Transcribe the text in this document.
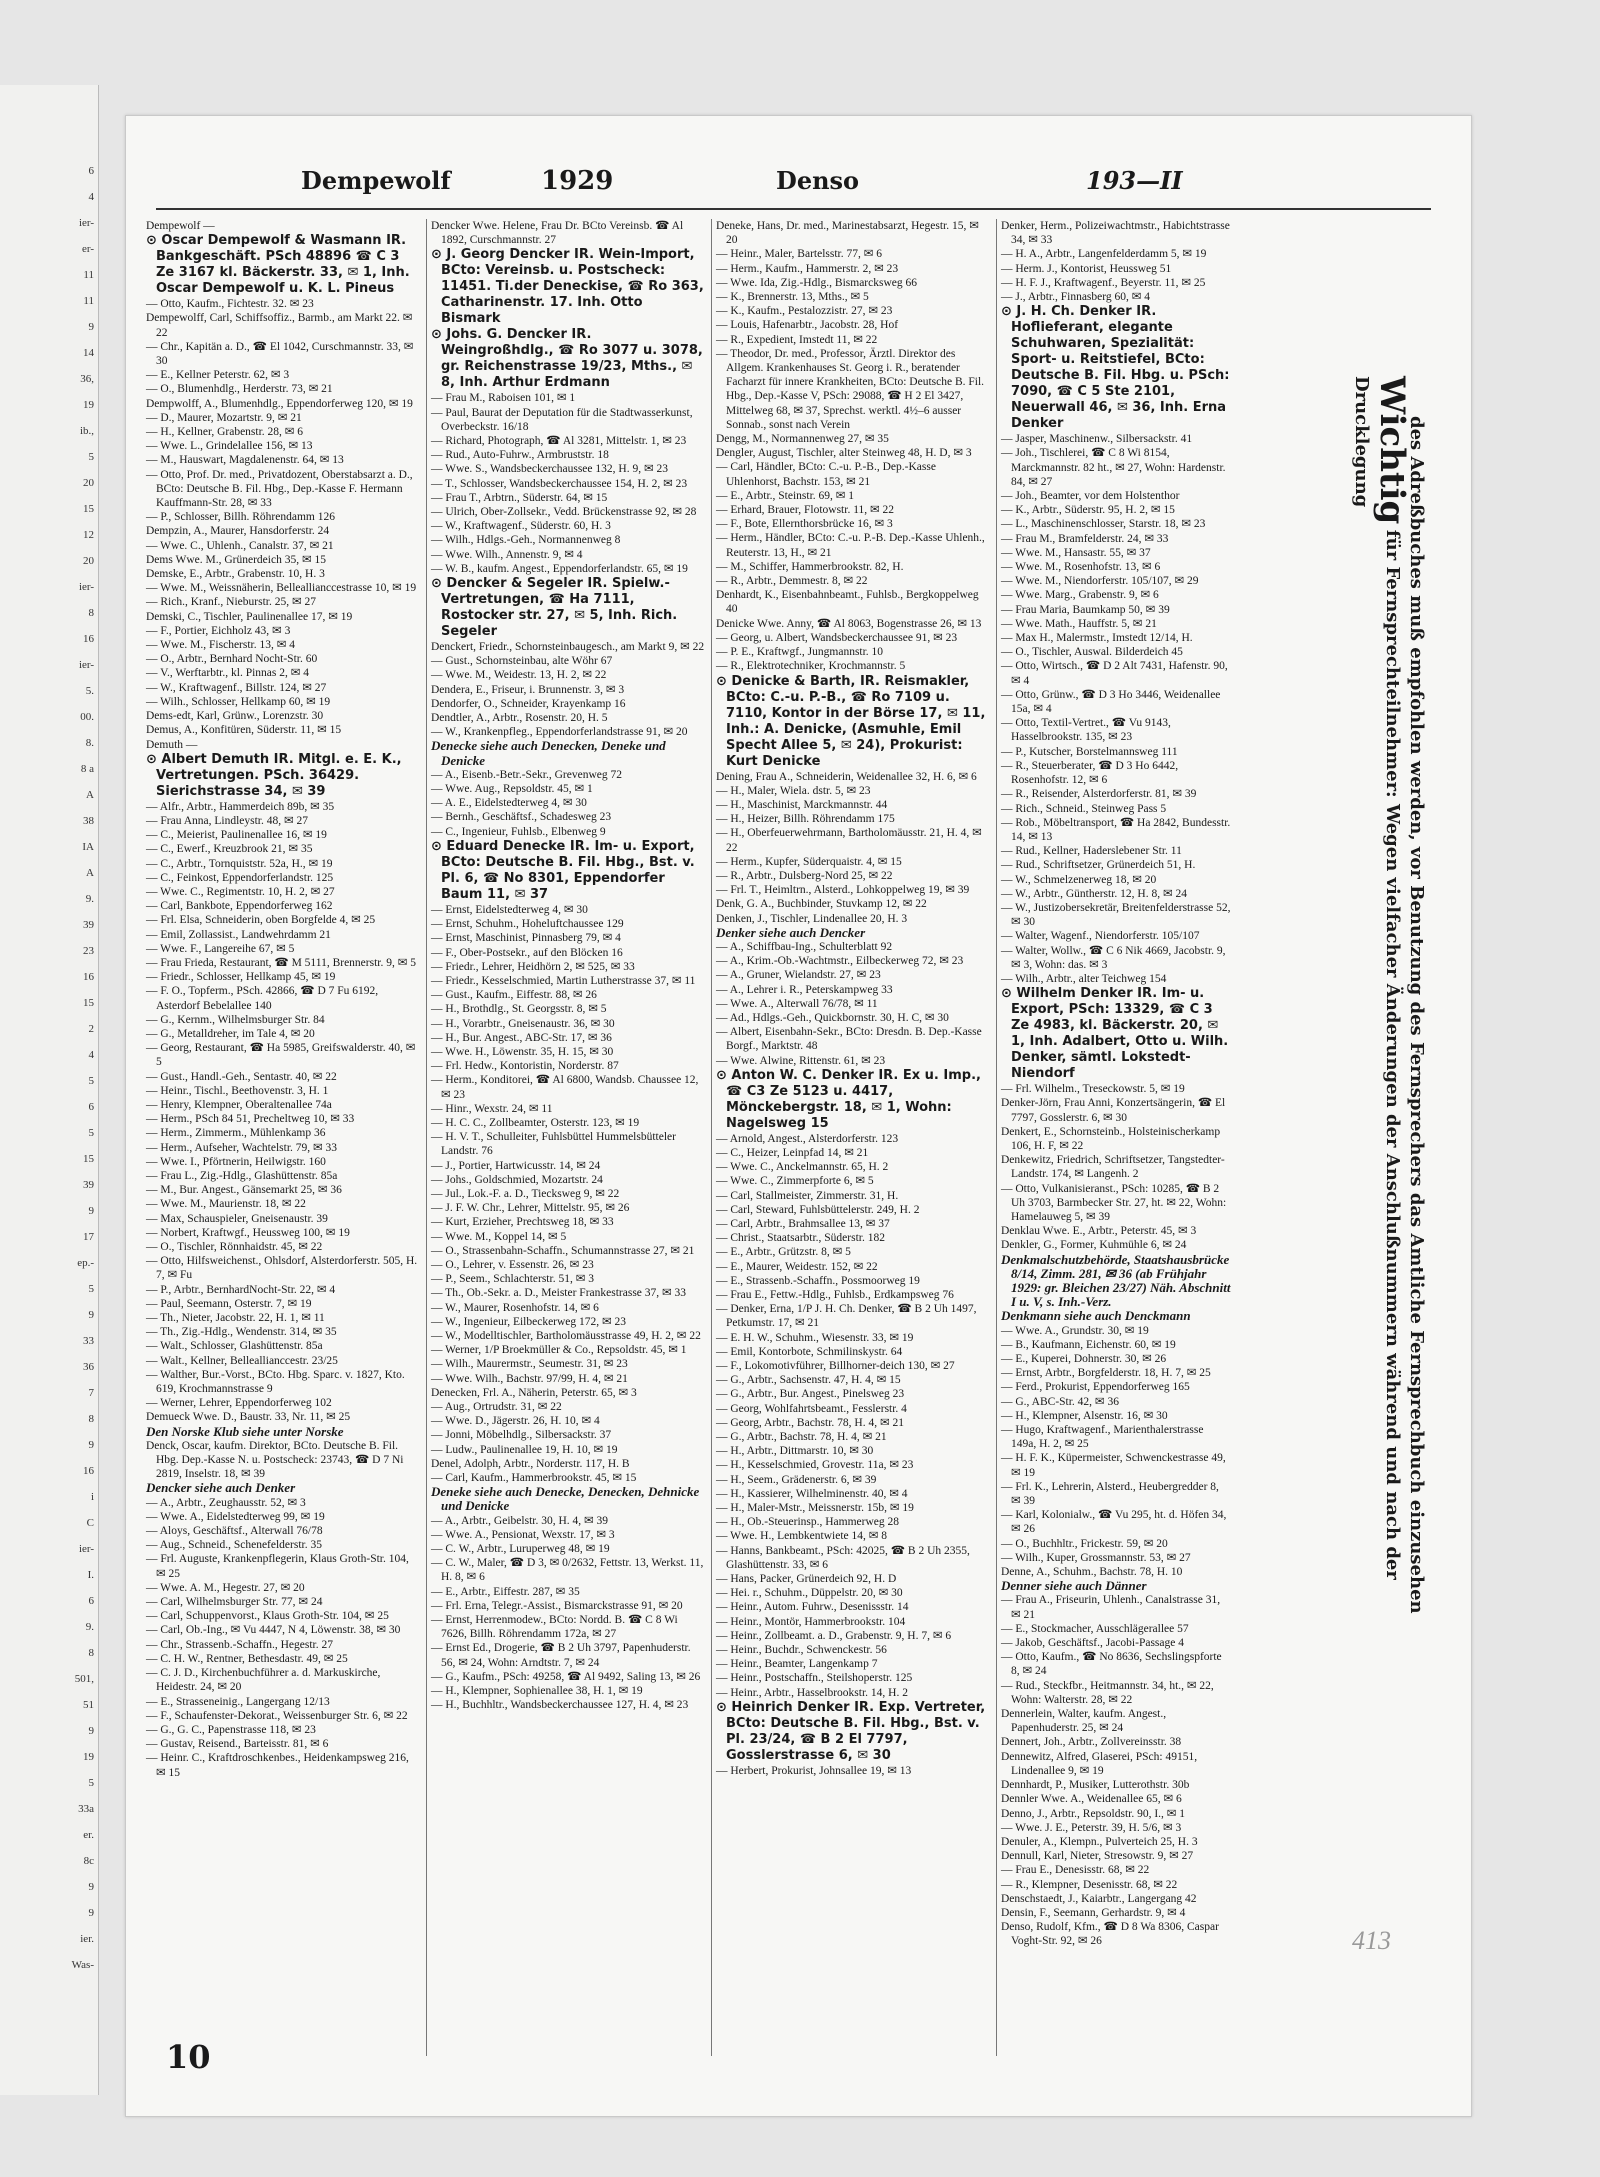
6
4
ier-
er-
11
11
9
14
36,
19
ib.,
5
20
15
12
20
ier-
8
16
ier-
5.
00.
8.
8 a
A
38
IA
A
9.
39
23
16
15
2
4
5
6
5
15
39
9
17
ep.-
5
9
33
36
7
8
9
16
i
C
ier-
I.
6
9.
8
501,
51
9
19
5
33a
er.
8c
9
9
ier.
Was-
Dempewolf	1929	Denso	193—II

Dempewolf —

⊙ Oscar Dempewolf & Wasmann IR. Bankgeschäft. PSch 48896 ☎ C 3 Ze 3167 kl. Bäckerstr. 33, ✉ 1, Inh. Oscar Dempewolf u. K. L. Pineus

— Otto, Kaufm., Fichtestr. 32. ✉ 23

Dempewolff, Carl, Schiffsoffiz., Barmb., am Markt 22. ✉ 22

— Chr., Kapitän a. D., ☎ El 1042, Curschmannstr. 33, ✉ 30

— E., Kellner Peterstr. 62, ✉ 3

— O., Blumenhdlg., Herderstr. 73, ✉ 21

Dempwolff, A., Blumenhdlg., Eppendorferweg 120, ✉ 19

— D., Maurer, Mozartstr. 9, ✉ 21

— H., Kellner, Grabenstr. 28, ✉ 6

— Wwe. L., Grindelallee 156, ✉ 13

— M., Hauswart, Magdalenenstr. 64, ✉ 13

— Otto, Prof. Dr. med., Privatdozent, Oberstabsarzt a. D., BCto: Deutsche B. Fil. Hbg., Dep.-Kasse F. Hermann Kauffmann-Str. 28, ✉ 33

— P., Schlosser, Billh. Röhrendamm 126

Dempzin, A., Maurer, Hansdorferstr. 24

— Wwe. C., Uhlenh., Canalstr. 37, ✉ 21

Dems Wwe. M., Grünerdeich 35, ✉ 15

Demske, E., Arbtr., Grabenstr. 10, H. 3

— Wwe. M., Weissnäherin, Belleallianccestrasse 10, ✉ 19

— Rich., Kranf., Nieburstr. 25, ✉ 27

Demski, C., Tischler, Paulinenallee 17, ✉ 19

— F., Portier, Eichholz 43, ✉ 3

— Wwe. M., Fischerstr. 13, ✉ 4

— O., Arbtr., Bernhard Nocht-Str. 60

— V., Werftarbtr., kl. Pinnas 2, ✉ 4

— W., Kraftwagenf., Billstr. 124, ✉ 27

— Wilh., Schlosser, Hellkamp 60, ✉ 19

Dems-edt, Karl, Grünw., Lorenzstr. 30

Demus, A., Konfitüren, Süderstr. 11, ✉ 15

Demuth —

⊙ Albert Demuth IR. Mitgl. e. E. K., Vertretungen. PSch. 36429. Sierichstrasse 34, ✉ 39

— Alfr., Arbtr., Hammerdeich 89b, ✉ 35

— Frau Anna, Lindleystr. 48, ✉ 27

— C., Meierist, Paulinenallee 16, ✉ 19

— C., Ewerf., Kreuzbrook 21, ✉ 35

— C., Arbtr., Tornquiststr. 52a, H., ✉ 19

— C., Feinkost, Eppendorferlandstr. 125

— Wwe. C., Regimentstr. 10, H. 2, ✉ 27

— Carl, Bankbote, Eppendorferweg 162

— Frl. Elsa, Schneiderin, oben Borgfelde 4, ✉ 25

— Emil, Zollassist., Landwehrdamm 21

— Wwe. F., Langereihe 67, ✉ 5

— Frau Frieda, Restaurant, ☎ M 5111, Brennerstr. 9, ✉ 5

— Friedr., Schlosser, Hellkamp 45, ✉ 19

— F. O., Topferm., PSch. 42866, ☎ D 7 Fu 6192, Asterdorf Bebelallee 140

— G., Kernm., Wilhelmsburger Str. 84

— G., Metalldreher, im Tale 4, ✉ 20

— Georg, Restaurant, ☎ Ha 5985, Greifswalderstr. 40, ✉ 5

— Gust., Handl.-Geh., Sentastr. 40, ✉ 22

— Heinr., Tischl., Beethovenstr. 3, H. 1

— Henry, Klempner, Oberaltenallee 74a

— Herm., PSch 84 51, Precheltweg 10, ✉ 33

— Herm., Zimmerm., Mühlenkamp 36

— Herm., Aufseher, Wachtelstr. 79, ✉ 33

— Wwe. I., Pförtnerin, Heilwigstr. 160

— Frau L., Zig.-Hdlg., Glashüttenstr. 85a

— M., Bur. Angest., Gänsemarkt 25, ✉ 36

— Wwe. M., Maurienstr. 18, ✉ 22

— Max, Schauspieler, Gneisenaustr. 39

— Norbert, Kraftwgf., Heussweg 100, ✉ 19

— O., Tischler, Rönnhaidstr. 45, ✉ 22

— Otto, Hilfsweichenst., Ohlsdorf, Alsterdorferstr. 505, H. 7, ✉ Fu

— P., Arbtr., BernhardNocht-Str. 22, ✉ 4

— Paul, Seemann, Osterstr. 7, ✉ 19

— Th., Nieter, Jacobstr. 22, H. 1, ✉ 11

— Th., Zig.-Hdlg., Wendenstr. 314, ✉ 35

— Walt., Schlosser, Glashüttenstr. 85a

— Walt., Kellner, Belleallianccestr. 23/25

— Walther, Bur.-Vorst., BCto. Hbg. Sparc. v. 1827, Kto. 619, Krochmannstrasse 9

— Werner, Lehrer, Eppendorferweg 102

Demueck Wwe. D., Baustr. 33, Nr. 11, ✉ 25

Den Norske Klub siehe unter Norske

Denck, Oscar, kaufm. Direktor, BCto. Deutsche B. Fil. Hbg. Dep.-Kasse N. u. Postscheck: 23743, ☎ D 7 Ni 2819, Inselstr. 18, ✉ 39

Dencker siehe auch Denker

— A., Arbtr., Zeughausstr. 52, ✉ 3

— Wwe. A., Eidelstedterweg 99, ✉ 19

— Aloys, Geschäftsf., Alterwall 76/78

— Aug., Schneid., Schenefelderstr. 35

— Frl. Auguste, Krankenpflegerin, Klaus Groth-Str. 104, ✉ 25

— Wwe. A. M., Hegestr. 27, ✉ 20

— Carl, Wilhelmsburger Str. 77, ✉ 24

— Carl, Schuppenvorst., Klaus Groth-Str. 104, ✉ 25

— Carl, Ob.-Ing., ✉ Vu 4447, N 4, Löwenstr. 38, ✉ 30

— Chr., Strassenb.-Schaffn., Hegestr. 27

— C. H. W., Rentner, Bethesdastr. 49, ✉ 25

— C. J. D., Kirchenbuchführer a. d. Markuskirche, Heidestr. 24, ✉ 20

— E., Strasseneinig., Langergang 12/13

— F., Schaufenster-Dekorat., Weissenburger Str. 6, ✉ 22

— G., G. C., Papenstrasse 118, ✉ 23

— Gustav, Reisend., Barteisstr. 81, ✉ 6

— Heinr. C., Kraftdroschkenbes., Heidenkampsweg 216, ✉ 15

Dencker Wwe. Helene, Frau Dr. BCto Vereinsb. ☎ Al 1892, Curschmannstr. 27

⊙ J. Georg Dencker IR. Wein-Import, BCto: Vereinsb. u. Postscheck: 11451. Ti.der Deneckise, ☎ Ro 363, Catharinenstr. 17. Inh. Otto Bismark

⊙ Johs. G. Dencker IR. Weingroßhdlg., ☎ Ro 3077 u. 3078, gr. Reichenstrasse 19/23, Mths., ✉ 8, Inh. Arthur Erdmann

— Frau M., Raboisen 101, ✉ 1

— Paul, Baurat der Deputation für die Stadtwasserkunst, Overbeckstr. 16/18

— Richard, Photograph, ☎ Al 3281, Mittelstr. 1, ✉ 23

— Rud., Auto-Fuhrw., Armbruststr. 18

— Wwe. S., Wandsbeckerchaussee 132, H. 9, ✉ 23

— T., Schlosser, Wandsbeckerchaussee 154, H. 2, ✉ 23

— Frau T., Arbtrn., Süderstr. 64, ✉ 15

— Ulrich, Ober-Zollsekr., Vedd. Brückenstrasse 92, ✉ 28

— W., Kraftwagenf., Süderstr. 60, H. 3

— Wilh., Hdlgs.-Geh., Normannenweg 8

— Wwe. Wilh., Annenstr. 9, ✉ 4

— W. B., kaufm. Angest., Eppendorferlandstr. 65, ✉ 19

⊙ Dencker & Segeler IR. Spielw.-Vertretungen, ☎ Ha 7111, Rostocker str. 27, ✉ 5, Inh. Rich. Segeler

Denckert, Friedr., Schornsteinbaugesch., am Markt 9, ✉ 22

— Gust., Schornsteinbau, alte Wöhr 67

— Wwe. M., Weidestr. 13, H. 2, ✉ 22

Dendera, E., Friseur, i. Brunnenstr. 3, ✉ 3

Dendorfer, O., Schneider, Krayenkamp 16

Dendtler, A., Arbtr., Rosenstr. 20, H. 5

— W., Krankenpfleg., Eppendorferlandstrasse 91, ✉ 20

Denecke siehe auch Denecken, Deneke und Denicke

— A., Eisenb.-Betr.-Sekr., Grevenweg 72

— Wwe. Aug., Repsoldstr. 45, ✉ 1

— A. E., Eidelstedterweg 4, ✉ 30

— Bernh., Geschäftsf., Schadesweg 23

— C., Ingenieur, Fuhlsb., Elbenweg 9

⊙ Eduard Denecke IR. Im- u. Export, BCto: Deutsche B. Fil. Hbg., Bst. v. Pl. 6, ☎ No 8301, Eppendorfer Baum 11, ✉ 37

— Ernst, Eidelstedterweg 4, ✉ 30

— Ernst, Schuhm., Hoheluftchaussee 129

— Ernst, Maschinist, Pinnasberg 79, ✉ 4

— F., Ober-Postsekr., auf den Blöcken 16

— Friedr., Lehrer, Heidhörn 2, ✉ 525, ✉ 33

— Friedr., Kesselschmied, Martin Lutherstrasse 37, ✉ 11

— Gust., Kaufm., Eiffestr. 88, ✉ 26

— H., Brothdlg., St. Georgsstr. 8, ✉ 5

— H., Vorarbtr., Gneisenaustr. 36, ✉ 30

— H., Bur. Angest., ABC-Str. 17, ✉ 36

— Wwe. H., Löwenstr. 35, H. 15, ✉ 30

— Frl. Hedw., Kontoristin, Norderstr. 87

— Herm., Konditorei, ☎ Al 6800, Wandsb. Chaussee 12, ✉ 23

— Hinr., Wexstr. 24, ✉ 11

— H. C. C., Zollbeamter, Osterstr. 123, ✉ 19

— H. V. T., Schulleiter, Fuhlsbüttel Hummelsbütteler Landstr. 76

— J., Portier, Hartwicusstr. 14, ✉ 24

— Johs., Goldschmied, Mozartstr. 24

— Jul., Lok.-F. a. D., Tiecksweg 9, ✉ 22

— J. F. W. Chr., Lehrer, Mittelstr. 95, ✉ 26

— Kurt, Erzieher, Prechtsweg 18, ✉ 33

— Wwe. M., Koppel 14, ✉ 5

— O., Strassenbahn-Schaffn., Schumannstrasse 27, ✉ 21

— O., Lehrer, v. Essenstr. 26, ✉ 23

— P., Seem., Schlachterstr. 51, ✉ 3

— Th., Ob.-Sekr. a. D., Meister Frankestrasse 37, ✉ 33

— W., Maurer, Rosenhofstr. 14, ✉ 6

— W., Ingenieur, Eilbeckerweg 172, ✉ 23

— W., Modelltischler, Bartholomäusstrasse 49, H. 2, ✉ 22

— Werner, 1/P Broekmüller & Co., Repsoldstr. 45, ✉ 1

— Wilh., Maurermstr., Seumestr. 31, ✉ 23

— Wwe. Wilh., Bachstr. 97/99, H. 4, ✉ 21

Denecken, Frl. A., Näherin, Peterstr. 65, ✉ 3

— Aug., Ortrudstr. 31, ✉ 22

— Wwe. D., Jägerstr. 26, H. 10, ✉ 4

— Jonni, Möbelhdlg., Silbersackstr. 37

— Ludw., Paulinenallee 19, H. 10, ✉ 19

Denel, Adolph, Arbtr., Norderstr. 117, H. B

— Carl, Kaufm., Hammerbrookstr. 45, ✉ 15

Deneke siehe auch Denecke, Denecken, Dehnicke und Denicke

— A., Arbtr., Geibelstr. 30, H. 4, ✉ 39

— Wwe. A., Pensionat, Wexstr. 17, ✉ 3

— C. W., Arbtr., Luruperweg 48, ✉ 19

— C. W., Maler, ☎ D 3, ✉ 0/2632, Fettstr. 13, Werkst. 11, H. 8, ✉ 6

— E., Arbtr., Eiffestr. 287, ✉ 35

— Frl. Erna, Telegr.-Assist., Bismarckstrasse 91, ✉ 20

— Ernst, Herrenmodew., BCto: Nordd. B. ☎ C 8 Wi 7626, Billh. Röhrendamm 172a, ✉ 27

— Ernst Ed., Drogerie, ☎ B 2 Uh 3797, Papenhuderstr. 56, ✉ 24, Wohn: Arndtstr. 7, ✉ 24

— G., Kaufm., PSch: 49258, ☎ Al 9492, Saling 13, ✉ 26

— H., Klempner, Sophienallee 38, H. 1, ✉ 19

— H., Buchhltr., Wandsbeckerchaussee 127, H. 4, ✉ 23

Deneke, Hans, Dr. med., Marinestabsarzt, Hegestr. 15, ✉ 20

— Heinr., Maler, Bartelsstr. 77, ✉ 6

— Herm., Kaufm., Hammerstr. 2, ✉ 23

— Wwe. Ida, Zig.-Hdlg., Bismarcksweg 66

— K., Brennerstr. 13, Mths., ✉ 5

— K., Kaufm., Pestalozzistr. 27, ✉ 23

— Louis, Hafenarbtr., Jacobstr. 28, Hof

— R., Expedient, Imstedt 11, ✉ 22

— Theodor, Dr. med., Professor, Ärztl. Direktor des Allgem. Krankenhauses St. Georg i. R., beratender Facharzt für innere Krankheiten, BCto: Deutsche B. Fil. Hbg., Dep.-Kasse V, PSch: 29088, ☎ H 2 El 3427, Mittelweg 68, ✉ 37, Sprechst. werktl. 4½–6 ausser Sonnab., sonst nach Verein

Dengg, M., Normannenweg 27, ✉ 35

Dengler, August, Tischler, alter Steinweg 48, H. D, ✉ 3

— Carl, Händler, BCto: C.-u. P.-B., Dep.-Kasse Uhlenhorst, Bachstr. 153, ✉ 21

— E., Arbtr., Steinstr. 69, ✉ 1

— Erhard, Brauer, Flotowstr. 11, ✉ 22

— F., Bote, Ellernthorsbrücke 16, ✉ 3

— Herm., Händler, BCto: C.-u. P.-B. Dep.-Kasse Uhlenh., Reuterstr. 13, H., ✉ 21

— M., Schiffer, Hammerbrookstr. 82, H.

— R., Arbtr., Demmestr. 8, ✉ 22

Denhardt, K., Eisenbahnbeamt., Fuhlsb., Bergkoppelweg 40

Denicke Wwe. Anny, ☎ Al 8063, Bogenstrasse 26, ✉ 13

— Georg, u. Albert, Wandsbeckerchaussee 91, ✉ 23

— P. E., Kraftwgf., Jungmannstr. 10

— R., Elektrotechniker, Krochmannstr. 5

⊙ Denicke & Barth, IR. Reismakler, BCto: C.-u. P.-B., ☎ Ro 7109 u. 7110, Kontor in der Börse 17, ✉ 11, Inh.: A. Denicke, (Asmuhle, Emil Specht Allee 5, ✉ 24), Prokurist: Kurt Denicke

Dening, Frau A., Schneiderin, Weidenallee 32, H. 6, ✉ 6

— H., Maler, Wiela. dstr. 5, ✉ 23

— H., Maschinist, Marckmannstr. 44

— H., Heizer, Billh. Röhrendamm 175

— H., Oberfeuerwehrmann, Bartholomäusstr. 21, H. 4, ✉ 22

— Herm., Kupfer, Süderquaistr. 4, ✉ 15

— R., Arbtr., Dulsberg-Nord 25, ✉ 22

— Frl. T., Heimltrn., Alsterd., Lohkoppelweg 19, ✉ 39

Denk, G. A., Buchbinder, Stuvkamp 12, ✉ 22

Denken, J., Tischler, Lindenallee 20, H. 3

Denker siehe auch Dencker

— A., Schiffbau-Ing., Schulterblatt 92

— A., Krim.-Ob.-Wachtmstr., Eilbeckerweg 72, ✉ 23

— A., Gruner, Wielandstr. 27, ✉ 23

— A., Lehrer i. R., Peterskampweg 33

— Wwe. A., Alterwall 76/78, ✉ 11

— Ad., Hdlgs.-Geh., Quickbornstr. 30, H. C, ✉ 30

— Albert, Eisenbahn-Sekr., BCto: Dresdn. B. Dep.-Kasse Borgf., Marktstr. 48

— Wwe. Alwine, Rittenstr. 61, ✉ 23

⊙ Anton W. C. Denker IR. Ex u. Imp., ☎ C3 Ze 5123 u. 4417, Mönckebergstr. 18, ✉ 1, Wohn: Nagelsweg 15

— Arnold, Angest., Alsterdorferstr. 123

— C., Heizer, Leinpfad 14, ✉ 21

— Wwe. C., Anckelmannstr. 65, H. 2

— Wwe. C., Zimmerpforte 6, ✉ 5

— Carl, Stallmeister, Zimmerstr. 31, H.

— Carl, Steward, Fuhlsbüttelerstr. 249, H. 2

— Carl, Arbtr., Brahmsallee 13, ✉ 37

— Christ., Staatsarbtr., Süderstr. 182

— E., Arbtr., Grützstr. 8, ✉ 5

— E., Maurer, Weidestr. 152, ✉ 22

— E., Strassenb.-Schaffn., Possmoorweg 19

— Frau E., Fettw.-Hdlg., Fuhlsb., Erdkampsweg 76

— Denker, Erna, 1/P J. H. Ch. Denker, ☎ B 2 Uh 1497, Petkumstr. 17, ✉ 21

— E. H. W., Schuhm., Wiesenstr. 33, ✉ 19

— Emil, Kontorbote, Schmilinskystr. 64

— F., Lokomotivführer, Billhorner-deich 130, ✉ 27

— G., Arbtr., Sachsenstr. 47, H. 4, ✉ 15

— G., Arbtr., Bur. Angest., Pinelsweg 23

— Georg, Wohlfahrtsbeamt., Fesslerstr. 4

— Georg, Arbtr., Bachstr. 78, H. 4, ✉ 21

— G., Arbtr., Bachstr. 78, H. 4, ✉ 21

— H., Arbtr., Dittmarstr. 10, ✉ 30

— H., Kesselschmied, Grovestr. 11a, ✉ 23

— H., Seem., Grädenerstr. 6, ✉ 39

— H., Kassierer, Wilhelminenstr. 40, ✉ 4

— H., Maler-Mstr., Meissnerstr. 15b, ✉ 19

— H., Ob.-Steuerinsp., Hammerweg 28

— Wwe. H., Lembkentwiete 14, ✉ 8

— Hanns, Bankbeamt., PSch: 42025, ☎ B 2 Uh 2355, Glashüttenstr. 33, ✉ 6

— Hans, Packer, Grünerdeich 92, H. D

— Hei. r., Schuhm., Düppelstr. 20, ✉ 30

— Heinr., Autom. Fuhrw., Desenissstr. 14

— Heinr., Montör, Hammerbrookstr. 104

— Heinr., Zollbeamt. a. D., Grabenstr. 9, H. 7, ✉ 6

— Heinr., Buchdr., Schwenckestr. 56

— Heinr., Beamter, Langenkamp 7

— Heinr., Postschaffn., Steilshoperstr. 125

— Heinr., Arbtr., Hasselbrookstr. 14, H. 2

⊙ Heinrich Denker IR. Exp. Vertreter, BCto: Deutsche B. Fil. Hbg., Bst. v. Pl. 23/24, ☎ B 2 El 7797, Gosslerstrasse 6, ✉ 30

— Herbert, Prokurist, Johnsallee 19, ✉ 13

Denker, Herm., Polizeiwachtmstr., Habichtstrasse 34, ✉ 33

— H. A., Arbtr., Langenfelderdamm 5, ✉ 19

— Herm. J., Kontorist, Heussweg 51

— H. F. J., Kraftwagenf., Beyerstr. 11, ✉ 25

— J., Arbtr., Finnasberg 60, ✉ 4

⊙ J. H. Ch. Denker IR. Hoflieferant, elegante Schuhwaren, Spezialität: Sport- u. Reitstiefel, BCto: Deutsche B. Fil. Hbg. u. PSch: 7090, ☎ C 5 Ste 2101, Neuerwall 46, ✉ 36, Inh. Erna Denker

— Jasper, Maschinenw., Silbersackstr. 41

— Joh., Tischlerei, ☎ C 8 Wi 8154, Marckmannstr. 82 ht., ✉ 27, Wohn: Hardenstr. 84, ✉ 27

— Joh., Beamter, vor dem Holstenthor

— K., Arbtr., Süderstr. 95, H. 2, ✉ 15

— L., Maschinenschlosser, Starstr. 18, ✉ 23

— Frau M., Bramfelderstr. 24, ✉ 33

— Wwe. M., Hansastr. 55, ✉ 37

— Wwe. M., Rosenhofstr. 13, ✉ 6

— Wwe. M., Niendorferstr. 105/107, ✉ 29

— Wwe. Marg., Grabenstr. 9, ✉ 6

— Frau Maria, Baumkamp 50, ✉ 39

— Wwe. Math., Hauffstr. 5, ✉ 21

— Max H., Malermstr., Imstedt 12/14, H.

— O., Tischler, Auswal. Bilderdeich 45

— Otto, Wirtsch., ☎ D 2 Alt 7431, Hafenstr. 90, ✉ 4

— Otto, Grünw., ☎ D 3 Ho 3446, Weidenallee 15a, ✉ 4

— Otto, Textil-Vertret., ☎ Vu 9143, Hasselbrookstr. 135, ✉ 23

— P., Kutscher, Borstelmannsweg 111

— R., Steuerberater, ☎ D 3 Ho 6442, Rosenhofstr. 12, ✉ 6

— R., Reisender, Alsterdorferstr. 81, ✉ 39

— Rich., Schneid., Steinweg Pass 5

— Rob., Möbeltransport, ☎ Ha 2842, Bundesstr. 14, ✉ 13

— Rud., Kellner, Haderslebener Str. 11

— Rud., Schriftsetzer, Grünerdeich 51, H.

— W., Schmelzenerweg 18, ✉ 20

— W., Arbtr., Güntherstr. 12, H. 8, ✉ 24

— W., Justizobersekretär, Breitenfelderstrasse 52, ✉ 30

— Walter, Wagenf., Niendorferstr. 105/107

— Walter, Wollw., ☎ C 6 Nik 4669, Jacobstr. 9, ✉ 3, Wohn: das. ✉ 3

— Wilh., Arbtr., alter Teichweg 154

⊙ Wilhelm Denker IR. Im- u. Export, PSch: 13329, ☎ C 3 Ze 4983, kl. Bäckerstr. 20, ✉ 1, Inh. Adalbert, Otto u. Wilh. Denker, sämtl. Lokstedt-Niendorf

— Frl. Wilhelm., Treseckowstr. 5, ✉ 19

Denker-Jörn, Frau Anni, Konzertsängerin, ☎ El 7797, Gosslerstr. 6, ✉ 30

Denkert, E., Schornsteinb., Holsteinischerkamp 106, H. F, ✉ 22

Denkewitz, Friedrich, Schriftsetzer, Tangstedter-Landstr. 174, ✉ Langenh. 2

— Otto, Vulkanisieranst., PSch: 10285, ☎ B 2 Uh 3703, Barmbecker Str. 27, ht. ✉ 22, Wohn: Hamelauweg 5, ✉ 39

Denklau Wwe. E., Arbtr., Peterstr. 45, ✉ 3

Denkler, G., Former, Kuhmühle 6, ✉ 24

Denkmalschutzbehörde, Staatshausbrücke 8/14, Zimm. 281, ✉ 36 (ab Frühjahr 1929: gr. Bleichen 23/27) Näh. Abschnitt I u. V, s. Inh.-Verz.

Denkmann siehe auch Denckmann

— Wwe. A., Grundstr. 30, ✉ 19

— B., Kaufmann, Eichenstr. 60, ✉ 19

— E., Kuperei, Dohnerstr. 30, ✉ 26

— Ernst, Arbtr., Borgfelderstr. 18, H. 7, ✉ 25

— Ferd., Prokurist, Eppendorferweg 165

— G., ABC-Str. 42, ✉ 36

— H., Klempner, Alsenstr. 16, ✉ 30

— Hugo, Kraftwagenf., Marienthalerstrasse 149a, H. 2, ✉ 25

— H. F. K., Küpermeister, Schwenckestrasse 49, ✉ 19

— Frl. K., Lehrerin, Alsterd., Heubergredder 8, ✉ 39

— Karl, Kolonialw., ☎ Vu 295, ht. d. Höfen 34, ✉ 26

— O., Buchhltr., Frickestr. 59, ✉ 20

— Wilh., Kuper, Grossmannstr. 53, ✉ 27

Denne, A., Schuhm., Bachstr. 78, H. 10

Denner siehe auch Dänner

— Frau A., Friseurin, Uhlenh., Canalstrasse 31, ✉ 21

— E., Stockmacher, Ausschlägerallee 57

— Jakob, Geschäftsf., Jacobi-Passage 4

— Otto, Kaufm., ☎ No 8636, Sechslingspforte 8, ✉ 24

— Rud., Steckfbr., Heitmannstr. 34, ht., ✉ 22, Wohn: Walterstr. 28, ✉ 22

Dennerlein, Walter, kaufm. Angest., Papenhuderstr. 25, ✉ 24

Dennert, Joh., Arbtr., Zollvereinsstr. 38

Dennewitz, Alfred, Glaserei, PSch: 49151, Lindenallee 9, ✉ 19

Dennhardt, P., Musiker, Lutterothstr. 30b

Dennler Wwe. A., Weidenallee 65, ✉ 6

Denno, J., Arbtr., Repsoldstr. 90, I., ✉ 1

— Wwe. J. E., Peterstr. 39, H. 5/6, ✉ 3

Denuler, A., Klempn., Pulverteich 25, H. 3

Dennull, Karl, Nieter, Stresowstr. 9, ✉ 27

— Frau E., Denesisstr. 68, ✉ 22

— R., Klempner, Desenisstr. 68, ✉ 22

Denschstaedt, J., Kaiarbtr., Langergang 42

Densin, F., Seemann, Gerhardstr. 9, ✉ 4

Denso, Rudolf, Kfm., ☎ D 8 Wa 8306, Caspar Voght-Str. 92, ✉ 26

Wichtig für Fernsprechteilnehmer: Wegen vielfacher Änderungen der Anschlußnummern während und nach der Drucklegung	des Adreßbuches muß empfohlen werden, vor Benutzung des Fernsprechers das Amtliche Fernsprechbuch einzusehen
10
413
